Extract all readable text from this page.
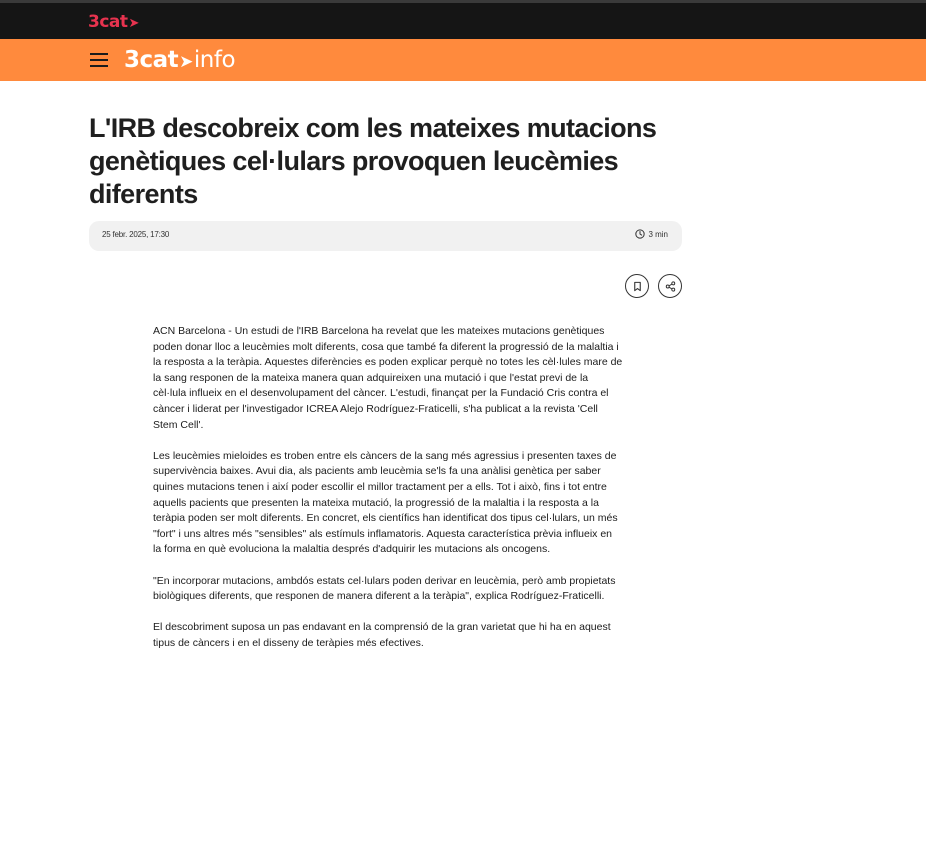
3cat➤
3cat➤info
L'IRB descobreix com les mateixes mutacions genètiques cel·lulars provoquen leucèmies diferents
25 febr. 2025, 17:30	3 min

ACN Barcelona - Un estudi de l'IRB Barcelona ha revelat que les mateixes mutacions genètiques poden donar lloc a leucèmies molt diferents, cosa que també fa diferent la progressió de la malaltia i la resposta a la teràpia. Aquestes diferències es poden explicar perquè no totes les cèl·lules mare de la sang responen de la mateixa manera quan adquireixen una mutació i que l'estat previ de la cèl·lula influeix en el desenvolupament del càncer. L'estudi, finançat per la Fundació Cris contra el càncer i liderat per l'investigador ICREA Alejo Rodríguez-Fraticelli, s'ha publicat a la revista 'Cell Stem Cell'.

Les leucèmies mieloides es troben entre els càncers de la sang més agressius i presenten taxes de supervivència baixes. Avui dia, als pacients amb leucèmia se'ls fa una anàlisi genètica per saber quines mutacions tenen i així poder escollir el millor tractament per a ells. Tot i això, fins i tot entre aquells pacients que presenten la mateixa mutació, la progressió de la malaltia i la resposta a la teràpia poden ser molt diferents. En concret, els científics han identificat dos tipus cel·lulars, un més "fort" i uns altres més "sensibles" als estímuls inflamatoris. Aquesta característica prèvia influeix en la forma en què evoluciona la malaltia després d'adquirir les mutacions als oncogens.

"En incorporar mutacions, ambdós estats cel·lulars poden derivar en leucèmia, però amb propietats biològiques diferents, que responen de manera diferent a la teràpia", explica Rodríguez-Fraticelli.

El descobriment suposa un pas endavant en la comprensió de la gran varietat que hi ha en aquest tipus de càncers i en el disseny de teràpies més efectives.
